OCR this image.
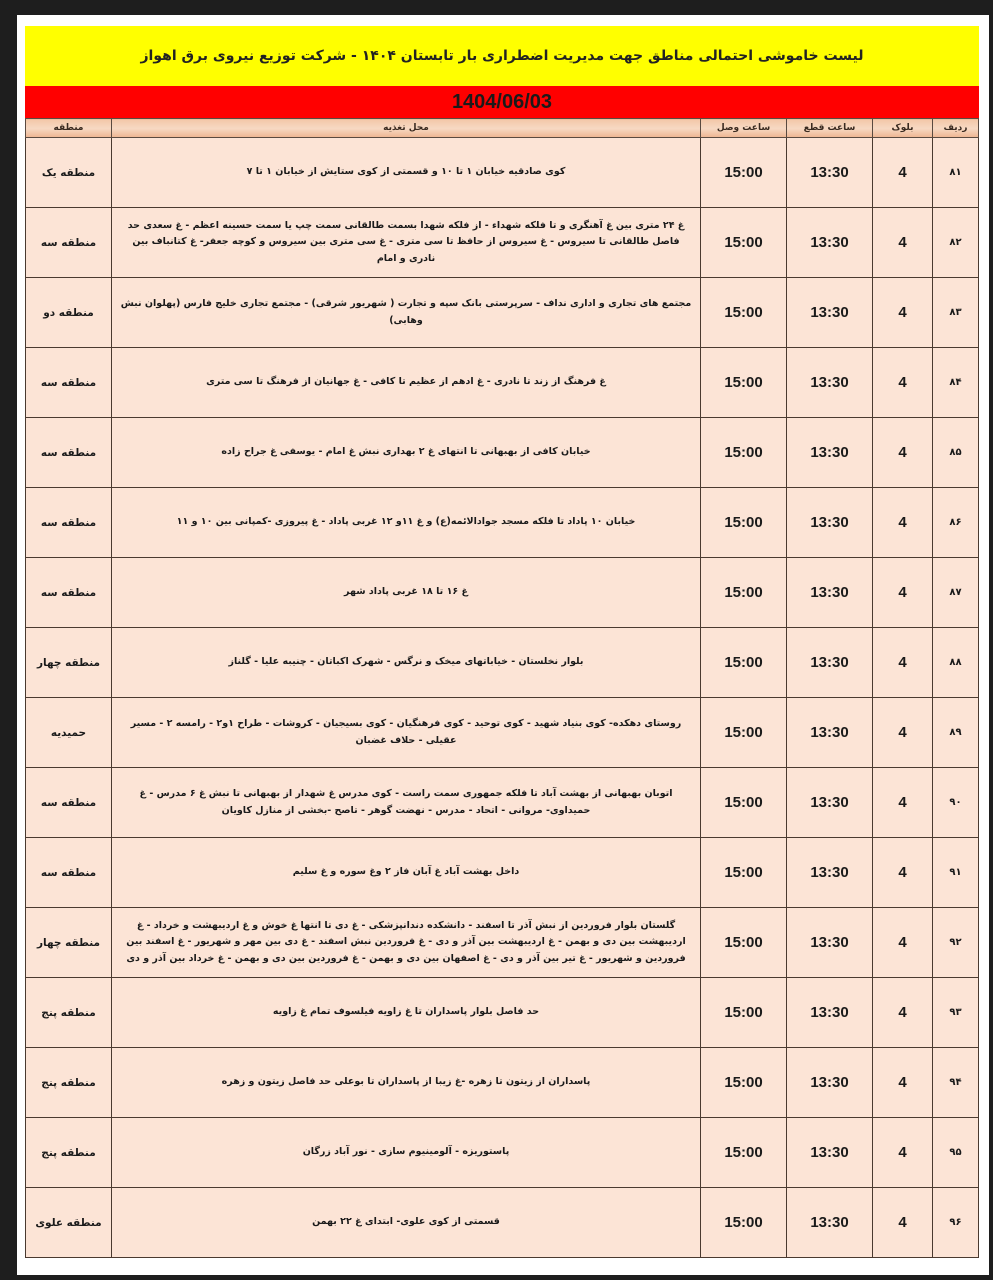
لیست خاموشی احتمالی مناطق جهت مدیریت اضطراری بار تابستان ۱۴۰۴ - شرکت توزیع نیروی برق اهواز
1404/06/03
ردیف	بلوک	ساعت قطع	ساعت وصل	محل تغذیه	منطقه
۸۱	4	13:30	15:00	کوی صادقیه خیابان ۱ تا ۱۰ و قسمتی از کوی ستایش از خیابان ۱ تا ۷	منطقه یک
۸۲	4	13:30	15:00	غ ۲۴ متری بین غ آهنگری و تا فلکه شهداء - از فلکه شهدا بسمت طالقانی سمت چپ یا سمت حسینه اعظم - غ سعدی حد فاصل طالقانی تا سیروس - غ سیروس از حافظ تا سی متری - غ سی متری بین سیروس و کوچه جعفر- غ کتانباف بین نادری و امام	منطقه سه
۸۳	4	13:30	15:00	مجتمع های تجاری و اداری نداف - سرپرستی بانک سپه و تجارت ( شهریور شرقی) - مجتمع تجاری خلیج فارس (پهلوان نبش وهابی)	منطقه دو
۸۴	4	13:30	15:00	غ فرهنگ از زند تا نادری - غ ادهم از عظیم تا کافی - غ جهانیان از فرهنگ تا سی متری	منطقه سه
۸۵	4	13:30	15:00	خیابان کافی از بهبهانی تا انتهای غ ۲ بهداری نبش غ امام - یوسفی غ جراح زاده	منطقه سه
۸۶	4	13:30	15:00	خیابان ۱۰ پاداد تا فلکه مسجد جوادالائمه(ع) و غ ۱۱و ۱۲ غربی پاداد - غ پیروزی -کمپانی بین ۱۰ و ۱۱	منطقه سه
۸۷	4	13:30	15:00	غ ۱۶ تا ۱۸ غربی پاداد شهر	منطقه سه
۸۸	4	13:30	15:00	بلوار نخلستان - خیاباتهای میخک و نرگس - شهرک اکباتان - چنیبه علیا - گلناز	منطقه چهار
۸۹	4	13:30	15:00	روستای دهکده- کوی بنیاد شهید - کوی توحید - کوی فرهنگیان - کوی بسیجیان - کروشات - طراح ۱و۲ - رامسه ۲ - مسیر عقیلی - حلاف غضبان	حمیدیه
۹۰	4	13:30	15:00	اتوبان بهبهانی از بهشت آباد تا فلکه جمهوری سمت راست - کوی مدرس غ شهدار از بهبهانی تا نبش غ ۶ مدرس - غ حمیداوی- مروانی - اتحاد - مدرس - نهضت گوهر - تاصح -بخشی از منازل کاویان	منطقه سه
۹۱	4	13:30	15:00	داخل بهشت آباد غ آبان فاز ۲ وغ سوره و غ سلیم	منطقه سه
۹۲	4	13:30	15:00	گلستان بلوار فروردین از نبش آذر تا اسفند - دانشکده دندانپزشکی - غ دی تا انتها غ خوش و غ اردیبهشت و خرداد - غ اردیبهشت بین دی و بهمن - غ اردیبهشت بین آذر و دی - غ فروردین نبش اسفند - غ دی بین مهر و شهریور - غ اسفند بین فروردین و شهریور - غ تیر بین آذر و دی - غ اصفهان بین دی و بهمن - غ فروردین بین دی و بهمن - غ خرداد بین آذر و دی	منطقه چهار
۹۳	4	13:30	15:00	حد فاصل بلوار پاسداران تا غ زاویه فیلسوف تمام غ زاویه	منطقه پنج
۹۴	4	13:30	15:00	پاسداران از زیتون تا زهره -غ زیبا از پاسداران تا بوعلی حد فاصل زیتون و زهره	منطقه پنج
۹۵	4	13:30	15:00	پاستوریزه - آلومینیوم سازی - نور آباد زرگان	منطقه پنج
۹۶	4	13:30	15:00	قسمتی از کوی علوی- ابتدای غ ۲۲ بهمن	منطقه علوی
